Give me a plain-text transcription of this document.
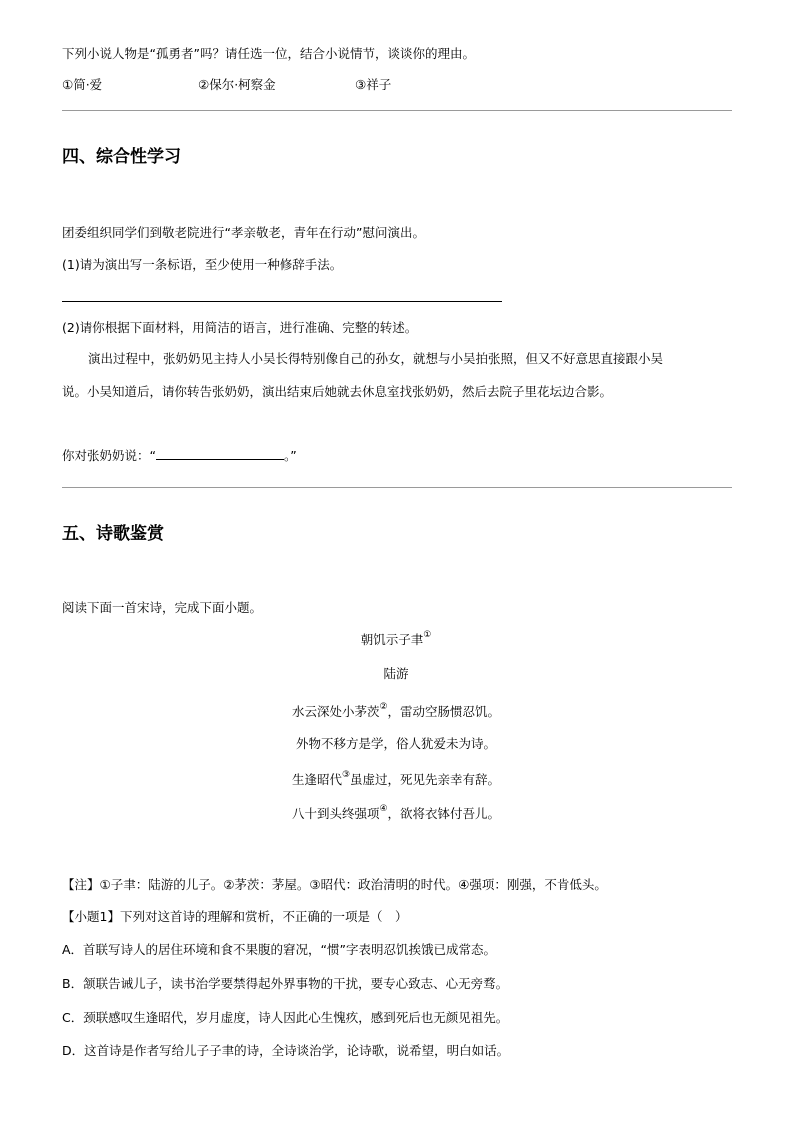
下列小说人物是“孤勇者”吗？请任选一位，结合小说情节，谈谈你的理由。
①简·爱	②保尔·柯察金	③祥子
四、综合性学习
团委组织同学们到敬老院进行“孝亲敬老，青年在行动”慰问演出。
(1)请为演出写一条标语，至少使用一种修辞手法。
(2)请你根据下面材料，用简洁的语言，进行准确、完整的转述。
演出过程中，张奶奶见主持人小吴长得特别像自己的孙女，就想与小吴拍张照，但又不好意思直接跟小吴
说。小吴知道后，请你转告张奶奶，演出结束后她就去休息室找张奶奶，然后去院子里花坛边合影。
你对张奶奶说：“	。”
五、诗歌鉴赏
阅读下面一首宋诗，完成下面小题。
朝饥示子聿①
陆游
水云深处小茅茨②，雷动空肠惯忍饥。
外物不移方是学，俗人犹爱未为诗。
生逢昭代③虽虚过，死见先亲幸有辞。
八十到头终强项④，欲将衣钵付吾儿。
【注】①子聿：陆游的儿子。②茅茨：茅屋。③昭代：政治清明的时代。④强项：刚强，不肯低头。
【小题1】下列对这首诗的理解和赏析，不正确的一项是（　）
A．首联写诗人的居住环境和食不果腹的窘况，“惯”字表明忍饥挨饿已成常态。
B．颔联告诫儿子，读书治学要禁得起外界事物的干扰，要专心致志、心无旁骛。
C．颈联感叹生逢昭代，岁月虚度，诗人因此心生愧疚，感到死后也无颜见祖先。
D．这首诗是作者写给儿子子聿的诗，全诗谈治学，论诗歌，说希望，明白如话。
